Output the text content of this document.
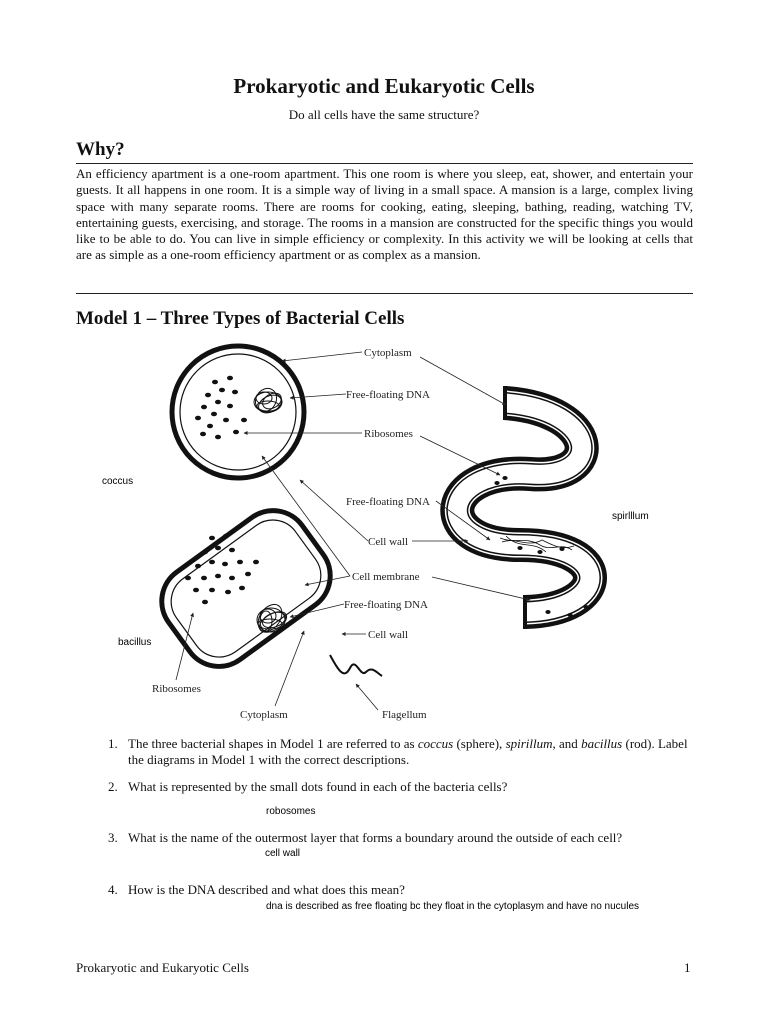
Prokaryotic and Eukaryotic Cells
Do all cells have the same structure?
Why?
An efficiency apartment is a one-room apartment. This one room is where you sleep, eat, shower, and entertain your guests. It all happens in one room. It is a simple way of living in a small space. A mansion is a large, complex living space with many separate rooms. There are rooms for cooking, eating, sleeping, bathing, reading, watching TV, entertaining guests, exercising, and storage. The rooms in a mansion are constructed for the specific things you would like to be able to do. You can live in simple efficiency or complexity. In this activity we will be looking at cells that are as simple as a one-room efficiency apartment or as complex as a mansion.
Model 1 – Three Types of Bacterial Cells
Cytoplasm
Free-floating DNA
Ribosomes
Free-floating DNA
Cell wall
Cell membrane
Free-floating DNA
Cell wall
Ribosomes
Cytoplasm	Flagellum
coccus
spirlllum
bacillus
1. The three bacterial shapes in Model 1 are referred to as coccus (sphere), spirillum, and bacillus (rod). Label the diagrams in Model 1 with the correct descriptions.
2. What is represented by the small dots found in each of the bacteria cells?
robosomes
3. What is the name of the outermost layer that forms a boundary around the outside of each cell?
cell wall
4. How is the DNA described and what does this mean?
dna is described as free floating bc they float in the cytoplasym and have no nucules
Prokaryotic and Eukaryotic Cells	1
